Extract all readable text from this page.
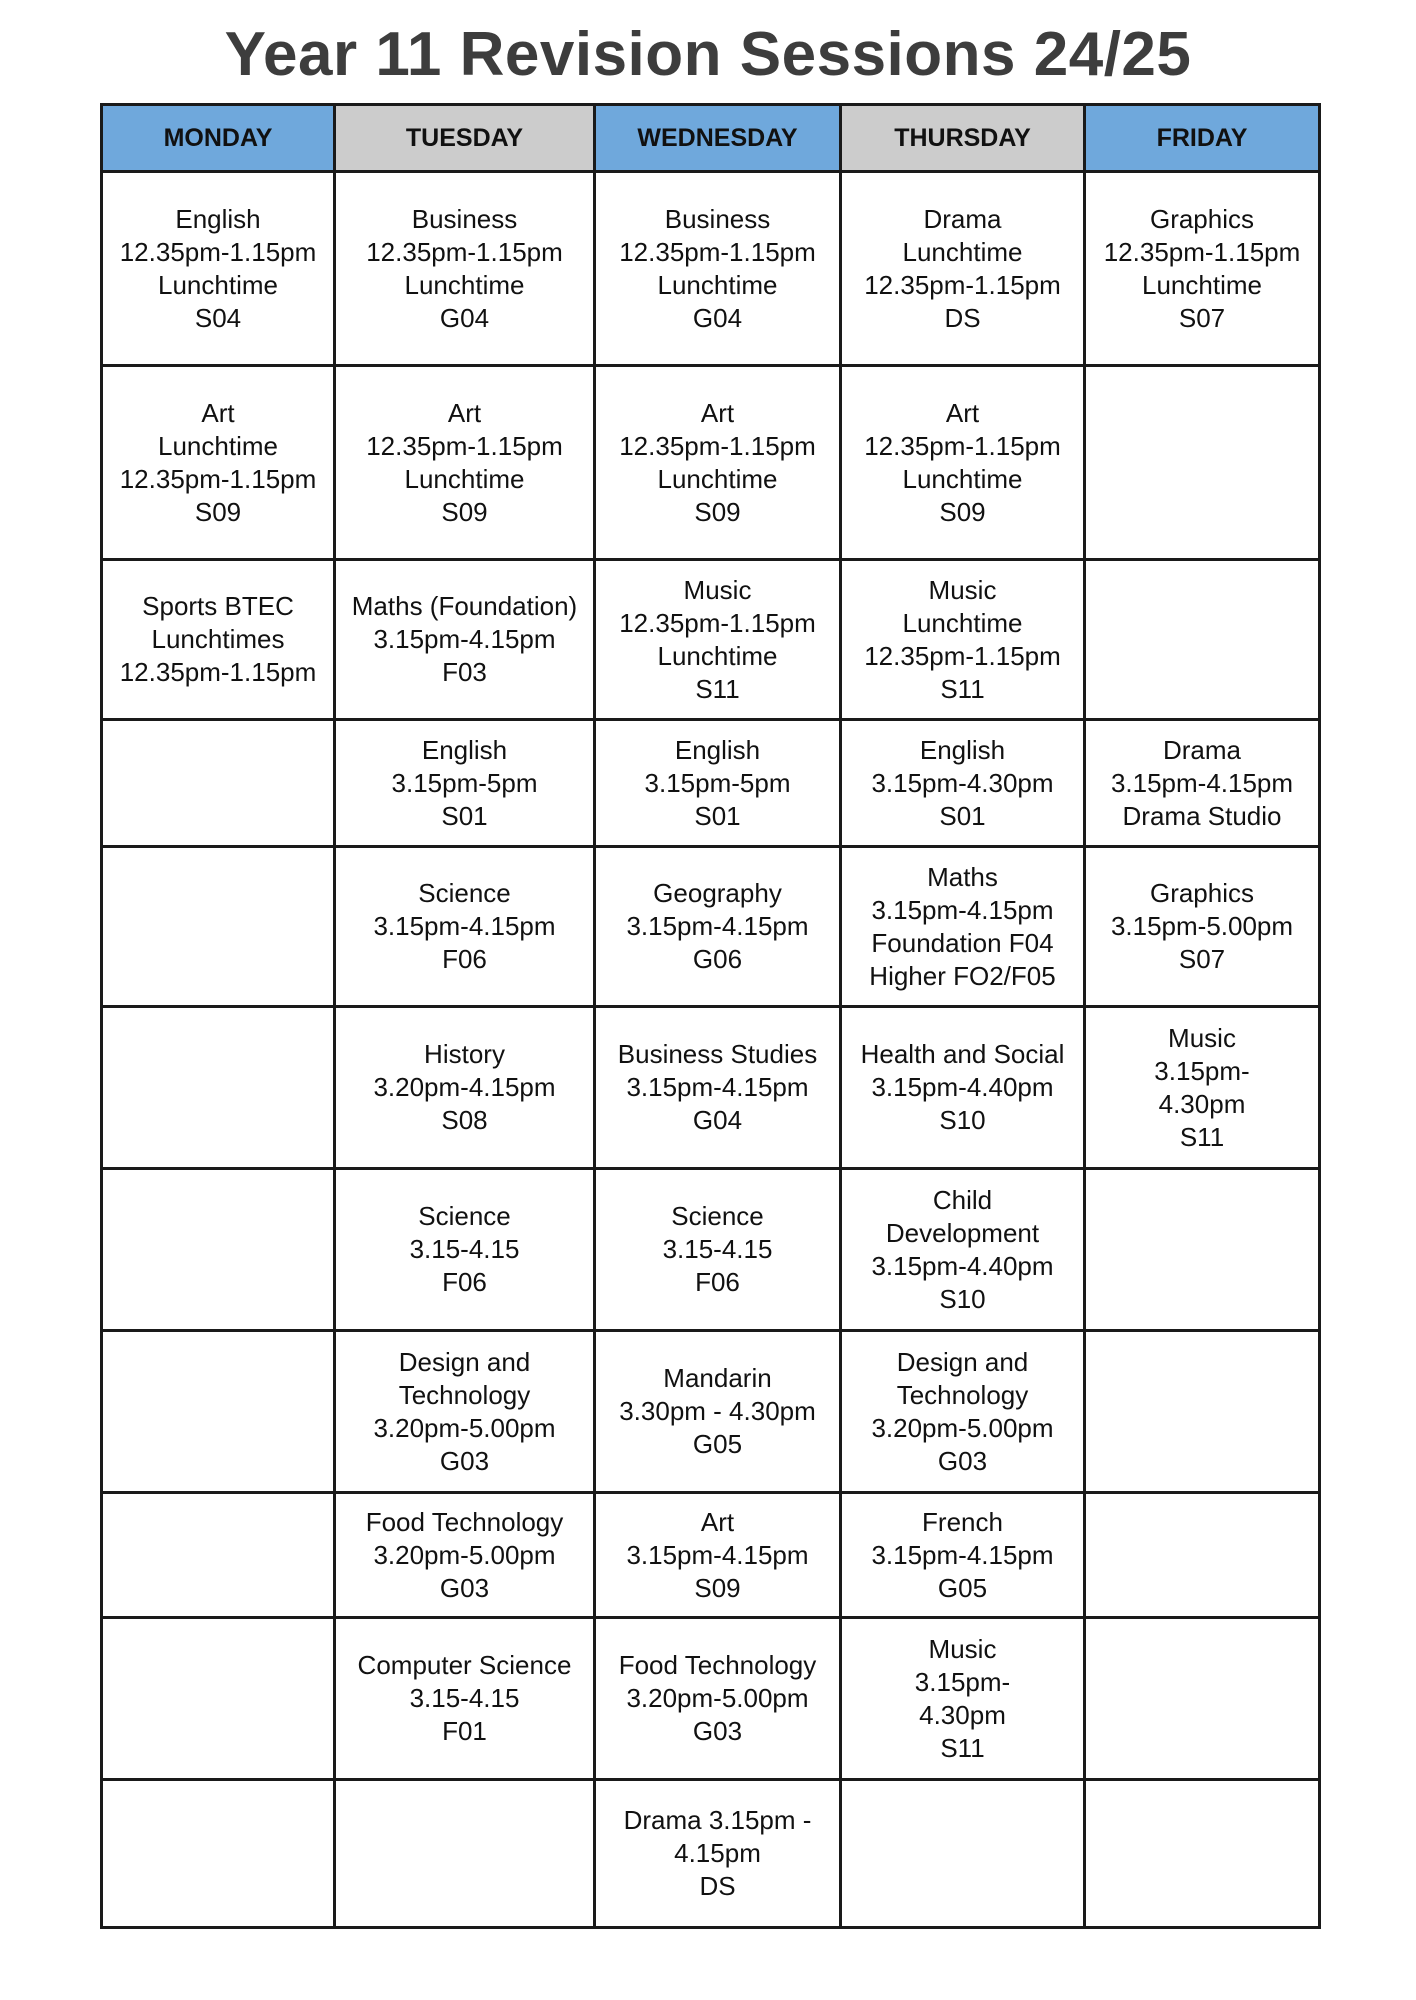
Year 11 Revision Sessions 24/25
MONDAY	TUESDAY	WEDNESDAY	THURSDAY	FRIDAY

English
12.35pm-1.15pm
Lunchtime
S04	Business
12.35pm-1.15pm
Lunchtime
G04	Business
12.35pm-1.15pm
Lunchtime
G04	Drama
Lunchtime
12.35pm-1.15pm
DS	Graphics
12.35pm-1.15pm
Lunchtime
S07

Art
Lunchtime
12.35pm-1.15pm
S09	Art
12.35pm-1.15pm
Lunchtime
S09	Art
12.35pm-1.15pm
Lunchtime
S09	Art
12.35pm-1.15pm
Lunchtime
S09	

Sports BTEC
Lunchtimes
12.35pm-1.15pm	Maths (Foundation)
3.15pm-4.15pm
F03	Music
12.35pm-1.15pm
Lunchtime
S11	Music
Lunchtime
12.35pm-1.15pm
S11	

	English
3.15pm-5pm
S01	English
3.15pm-5pm
S01	English
3.15pm-4.30pm
S01	Drama
3.15pm-4.15pm
Drama Studio

	Science
3.15pm-4.15pm
F06	Geography
3.15pm-4.15pm
G06	Maths
3.15pm-4.15pm
Foundation F04
Higher FO2/F05	Graphics
3.15pm-5.00pm
S07

	History
3.20pm-4.15pm
S08	Business Studies
3.15pm-4.15pm
G04	Health and Social
3.15pm-4.40pm
S10	Music
3.15pm-
4.30pm
S11

	Science
3.15-4.15
F06	Science
3.15-4.15
F06	Child
Development
3.15pm-4.40pm
S10	

	Design and
Technology
3.20pm-5.00pm
G03	Mandarin
3.30pm - 4.30pm
G05	Design and
Technology
3.20pm-5.00pm
G03	

	Food Technology
3.20pm-5.00pm
G03	Art
3.15pm-4.15pm
S09	French
3.15pm-4.15pm
G05	

	Computer Science
3.15-4.15
F01	Food Technology
3.20pm-5.00pm
G03	Music
3.15pm-
4.30pm
S11	

		Drama 3.15pm -
4.15pm
DS		
